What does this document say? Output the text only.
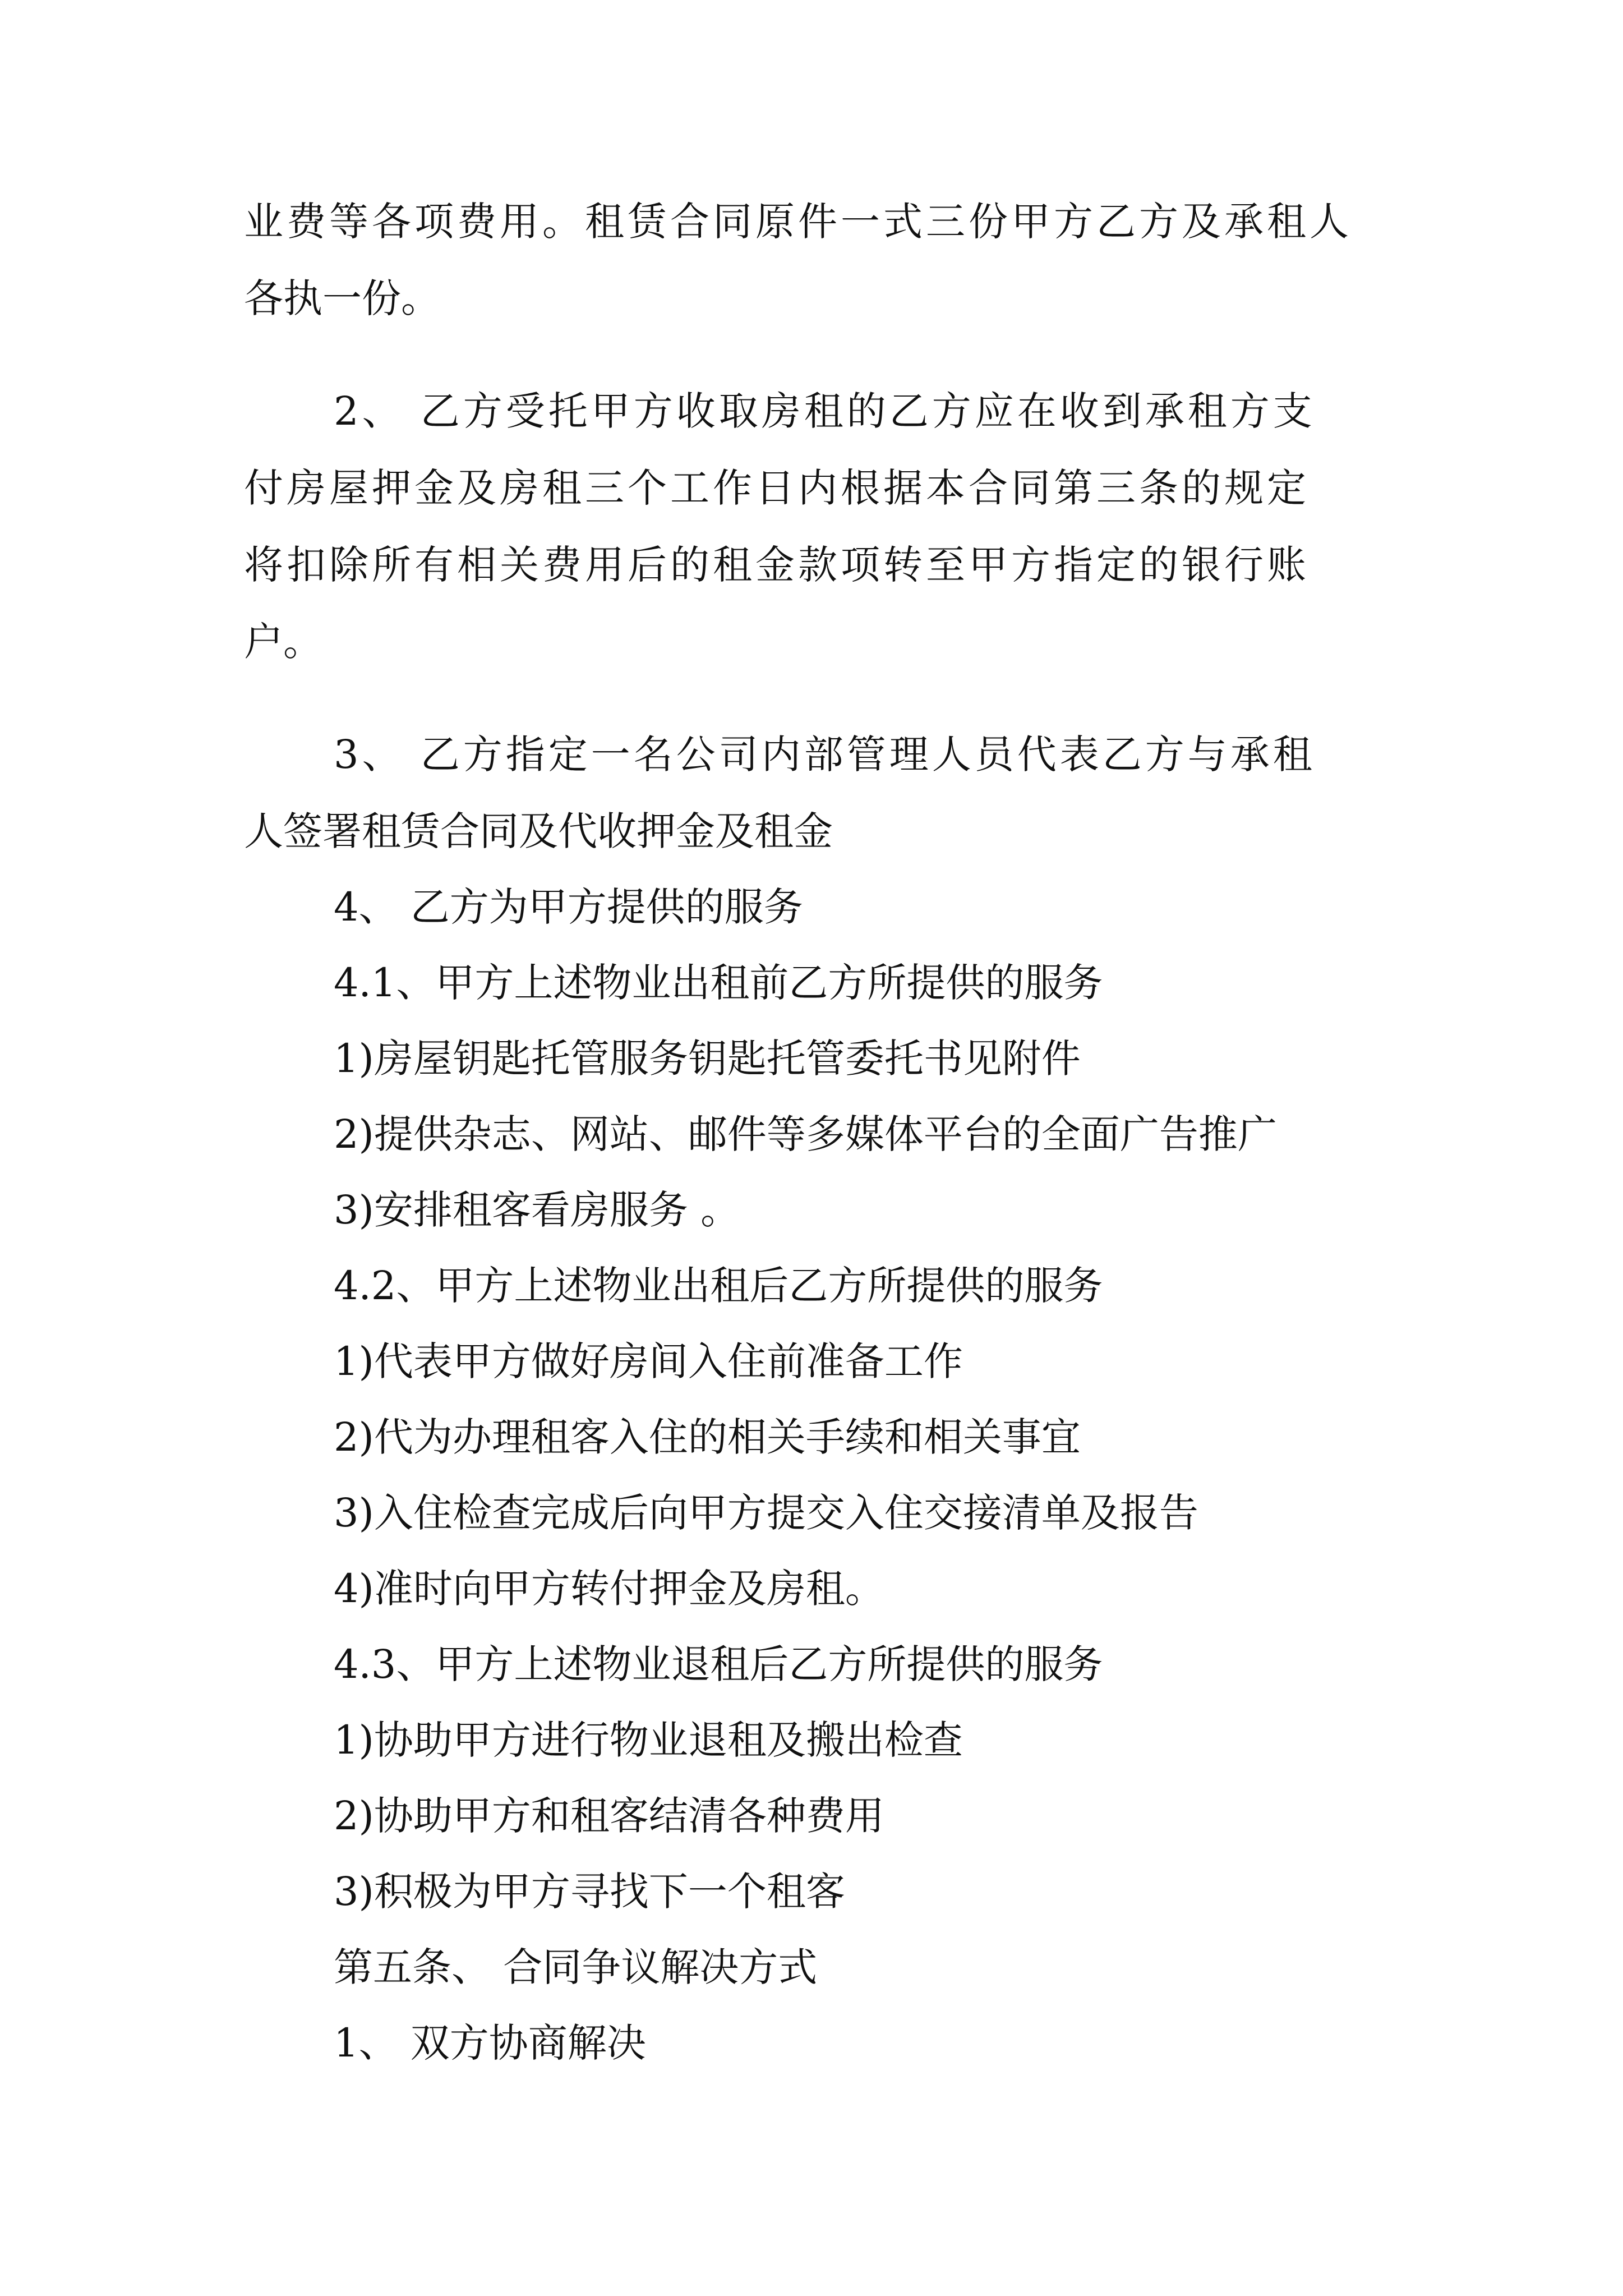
业费等各项费用。租赁合同原件一式三份甲方乙方及承租人
各执一份。
2、 乙方受托甲方收取房租的乙方应在收到承租方支
付房屋押金及房租三个工作日内根据本合同第三条的规定
将扣除所有相关费用后的租金款项转至甲方指定的银行账
户。
3、 乙方指定一名公司内部管理人员代表乙方与承租
人签署租赁合同及代收押金及租金
4、 乙方为甲方提供的服务
4.1、甲方上述物业出租前乙方所提供的服务
1)房屋钥匙托管服务钥匙托管委托书见附件
2)提供杂志、网站、邮件等多媒体平台的全面广告推广
3)安排租客看房服务 。
4.2、甲方上述物业出租后乙方所提供的服务
1)代表甲方做好房间入住前准备工作
2)代为办理租客入住的相关手续和相关事宜
3)入住检查完成后向甲方提交入住交接清单及报告
4)准时向甲方转付押金及房租。
4.3、甲方上述物业退租后乙方所提供的服务
1)协助甲方进行物业退租及搬出检查
2)协助甲方和租客结清各种费用
3)积极为甲方寻找下一个租客
第五条、 合同争议解决方式
1、 双方协商解决
